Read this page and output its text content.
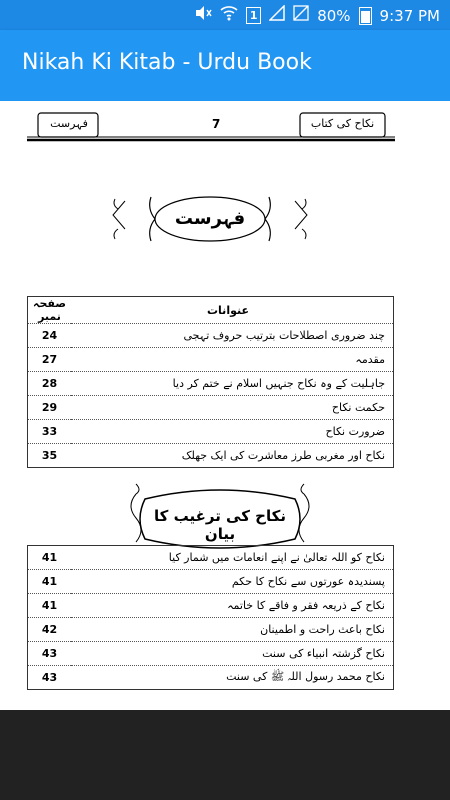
1	80% 9:37 PM
Nikah Ki Kitab - Urdu Book
فہرست	7	نکاح کی کتاب
فہرست
صفحہ نمبر	عنوانات
24	چند ضروری اصطلاحات بترتیب حروف تہجی
27	مقدمہ
28	جاہلیت کے وہ نکاح جنہیں اسلام نے ختم کر دیا
29	حکمت نکاح
33	ضرورت نکاح
35	نکاح اور مغربی طرز معاشرت کی ایک جھلک
نکاح کی ترغیب کا بیان
41	نکاح کو اللہ تعالیٰ نے اپنے انعامات میں شمار کیا
41	پسندیدہ عورتوں سے نکاح کا حکم
41	نکاح کے ذریعہ فقر و فاقے کا خاتمہ
42	نکاح باعث راحت و اطمینان
43	نکاح گزشتہ انبیاء کی سنت
43	نکاح محمد رسول اللہ ﷺ کی سنت
